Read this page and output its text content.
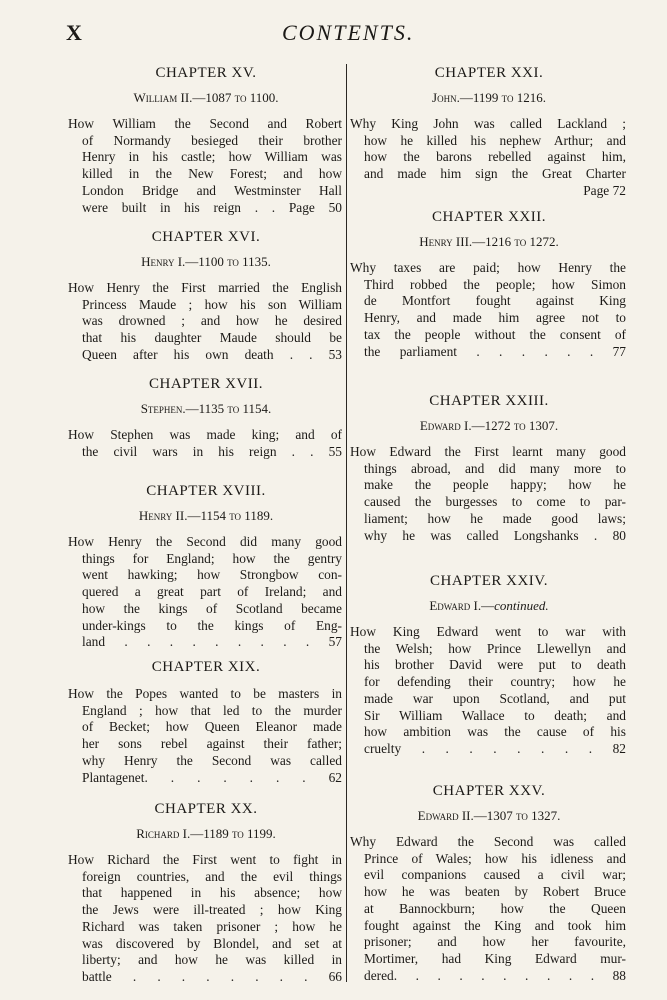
X	CONTENTS.

CHAPTER XV.

William II.—1087 to 1100.

How William the Second and Robert
of Normandy besieged their brother
Henry in his castle; how William was
killed in the New Forest; and how
London Bridge and Westminster Hall
were built in his reign . . Page 50

CHAPTER XVI.

Henry I.—1100 to 1135.

How Henry the First married the English
Princess Maude ; how his son William
was drowned ; and how he desired
that his daughter Maude should be
Queen after his own death . . 53

CHAPTER XVII.

Stephen.—1135 to 1154.

How Stephen was made king; and of
the civil wars in his reign . . 55

CHAPTER XVIII.

Henry II.—1154 to 1189.

How Henry the Second did many good
things for England; how the gentry
went hawking; how Strongbow con-
quered a great part of Ireland; and
how the kings of Scotland became
under-kings to the kings of Eng-
land . . . . . . . . . 57

CHAPTER XIX.

How the Popes wanted to be masters in
England ; how that led to the murder
of Becket; how Queen Eleanor made
her sons rebel against their father;
why Henry the Second was called
Plantagenet. . . . . . . 62

CHAPTER XX.

Richard I.—1189 to 1199.

How Richard the First went to fight in
foreign countries, and the evil things
that happened in his absence; how
the Jews were ill-treated ; how King
Richard was taken prisoner ; how he
was discovered by Blondel, and set at
liberty; and how he was killed in
battle . . . . . . . . 66

CHAPTER XXI.

John.—1199 to 1216.

Why King John was called Lackland ;
how he killed his nephew Arthur; and
how the barons rebelled against him,
and made him sign the Great Charter
Page 72

CHAPTER XXII.

Henry III.—1216 to 1272.

Why taxes are paid; how Henry the
Third robbed the people; how Simon
de Montfort fought against King
Henry, and made him agree not to
tax the people without the consent of
the parliament . . . . . . 77

CHAPTER XXIII.

Edward I.—1272 to 1307.

How Edward the First learnt many good
things abroad, and did many more to
make the people happy; how he
caused the burgesses to come to par-
liament; how he made good laws;
why he was called Longshanks . 80

CHAPTER XXIV.

Edward I.—continued.

How King Edward went to war with
the Welsh; how Prince Llewellyn and
his brother David were put to death
for defending their country; how he
made war upon Scotland, and put
Sir William Wallace to death; and
how ambition was the cause of his
cruelty . . . . . . . . 82

CHAPTER XXV.

Edward II.—1307 to 1327.

Why Edward the Second was called
Prince of Wales; how his idleness and
evil companions caused a civil war;
how he was beaten by Robert Bruce
at Bannockburn; how the Queen
fought against the King and took him
prisoner; and how her favourite,
Mortimer, had King Edward mur-
dered. . . . . . . . . . 88
